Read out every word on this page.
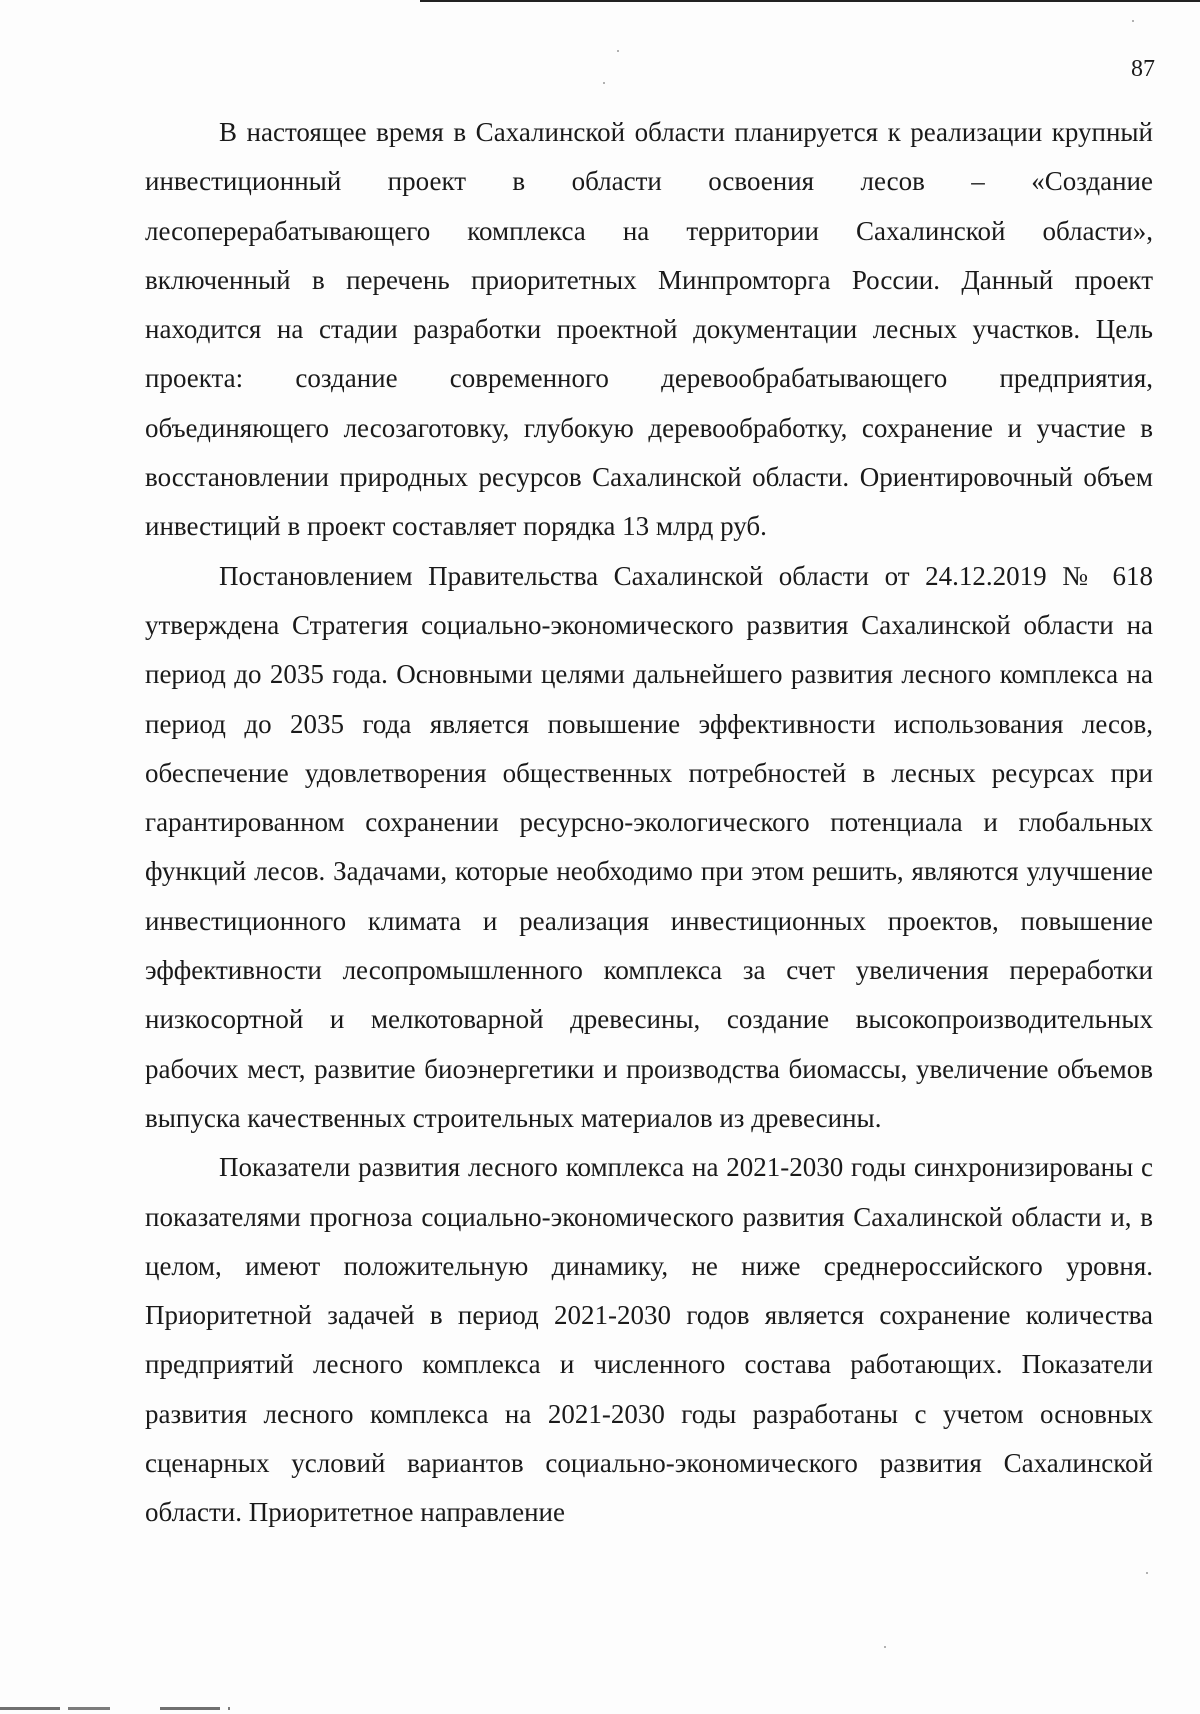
87

В настоящее время в Сахалинской области планируется к реализации крупный инвестиционный проект в области освоения лесов – «Создание лесоперерабатывающего комплекса на территории Сахалинской области», включенный в перечень приоритетных Минпромторга России. Данный проект находится на стадии разработки проектной документации лесных участков. Цель проекта: создание современного деревообрабатывающего предприятия, объединяющего лесозаготовку, глубокую деревообработку, сохранение и участие в восстановлении природных ресурсов Сахалинской области. Ориентировочный объем инвестиций в проект составляет порядка 13 млрд руб.

Постановлением Правительства Сахалинской области от 24.12.2019 № 618 утверждена Стратегия социально-экономического развития Сахалинской области на период до 2035 года. Основными целями дальнейшего развития лесного комплекса на период до 2035 года является повышение эффективности использования лесов, обеспечение удовлетворения общественных потребностей в лесных ресурсах при гарантированном сохранении ресурсно-экологического потенциала и глобальных функций лесов. Задачами, которые необходимо при этом решить, являются улучшение инвестиционного климата и реализация инвестиционных проектов, повышение эффективности лесопромышленного комплекса за счет увеличения переработки низкосортной и мелкотоварной древесины, создание высокопроизводительных рабочих мест, развитие биоэнергетики и производства биомассы, увеличение объемов выпуска качественных строительных материалов из древесины.

Показатели развития лесного комплекса на 2021-2030 годы синхронизированы с показателями прогноза социально-экономического развития Сахалинской области и, в целом, имеют положительную динамику, не ниже среднероссийского уровня. Приоритетной задачей в период 2021-2030 годов является сохранение количества предприятий лесного комплекса и численного состава работающих. Показатели развития лесного комплекса на 2021-2030 годы разработаны с учетом основных сценарных условий вариантов социально-экономического развития Сахалинской области. Приоритетное направление
